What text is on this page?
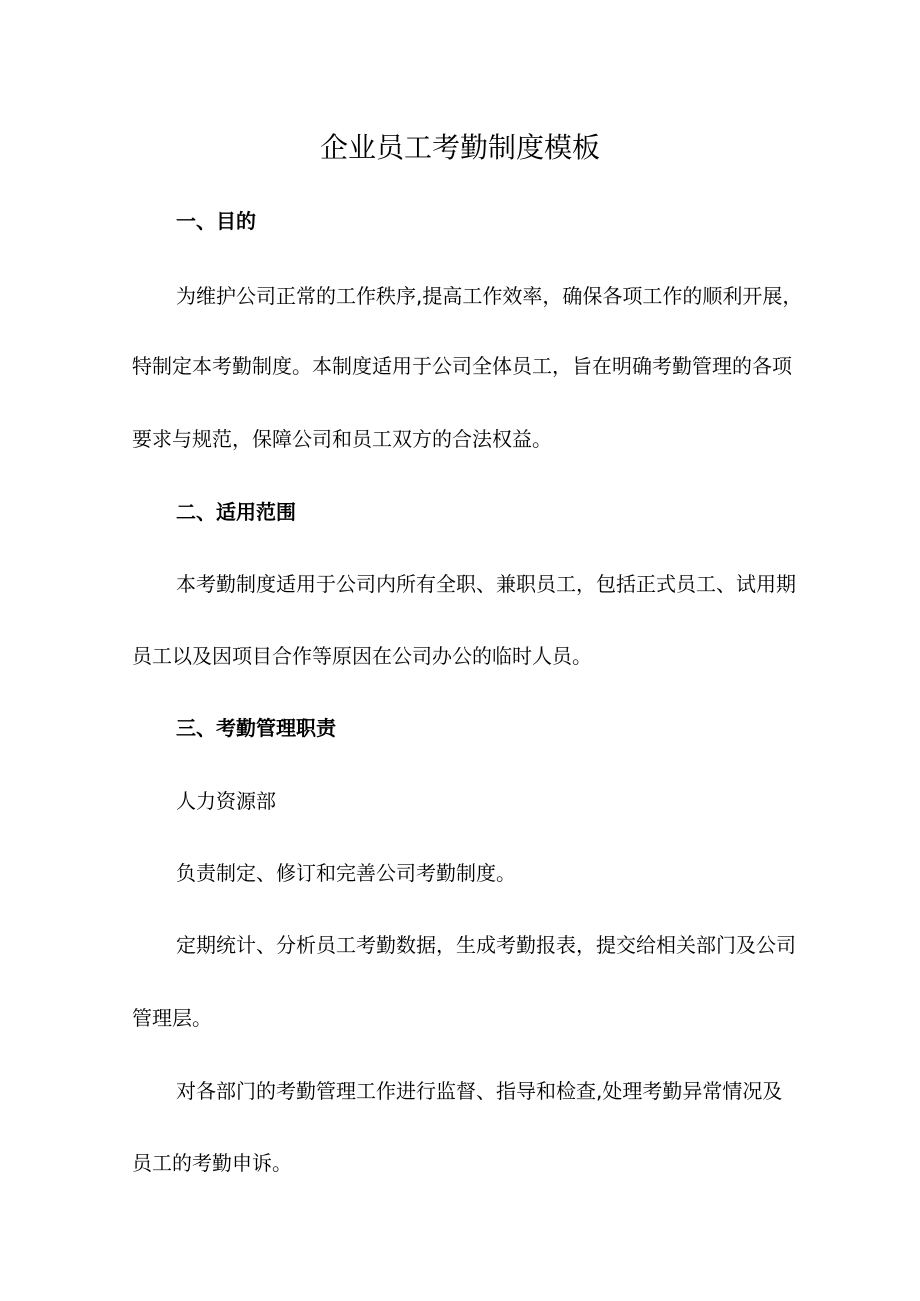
企业员工考勤制度模板
一、目的
为维护公司正常的工作秩序,提高工作效率，确保各项工作的顺利开展，
特制定本考勤制度。本制度适用于公司全体员工，旨在明确考勤管理的各项
要求与规范，保障公司和员工双方的合法权益。
二、适用范围
本考勤制度适用于公司内所有全职、兼职员工，包括正式员工、试用期
员工以及因项目合作等原因在公司办公的临时人员。
三、考勤管理职责
人力资源部
负责制定、修订和完善公司考勤制度。
定期统计、分析员工考勤数据，生成考勤报表，提交给相关部门及公司
管理层。
对各部门的考勤管理工作进行监督、指导和检查,处理考勤异常情况及
员工的考勤申诉。
